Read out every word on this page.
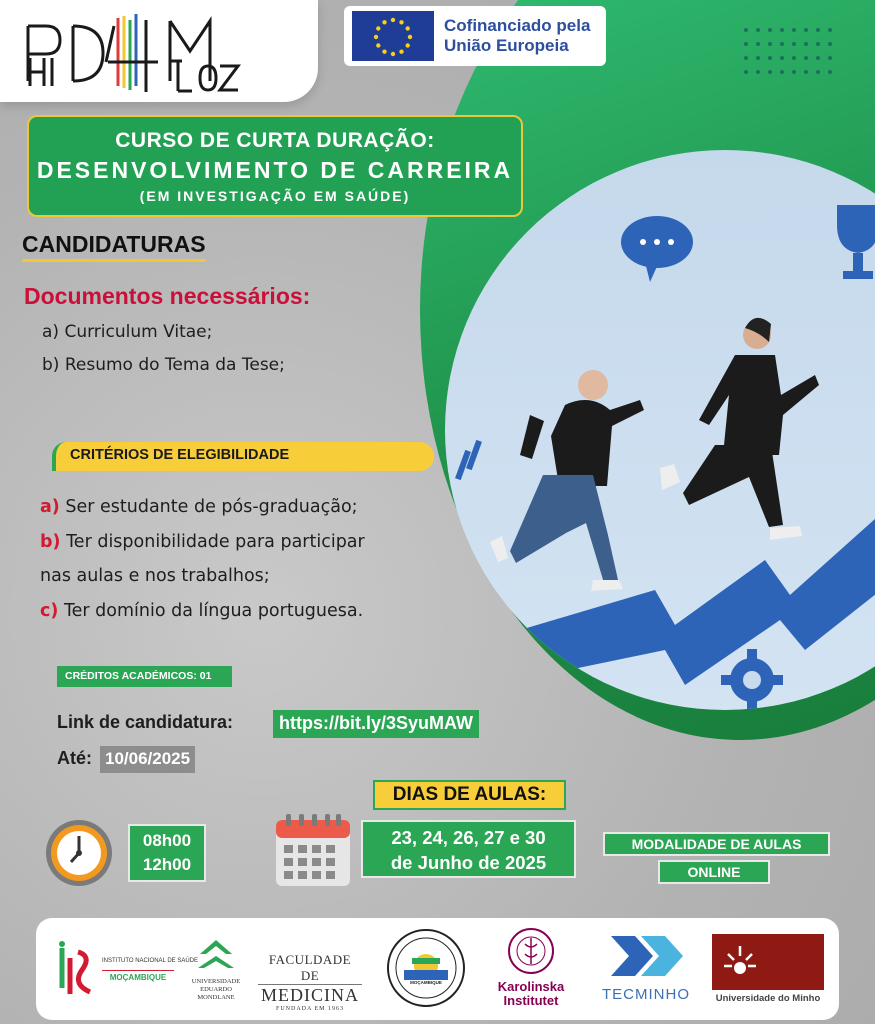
Cofinanciado pela
União Europeia
CURSO DE CURTA DURAÇÃO:
DESENVOLVIMENTO DE CARREIRA
(EM INVESTIGAÇÃO EM SAÚDE)
CANDIDATURAS
Documentos necessários:
a) Curriculum Vitae;
b) Resumo do Tema da Tese;
CRITÉRIOS DE ELEGIBILIDADE
a) Ser estudante de pós-graduação;
b) Ter disponibilidade para participar
nas aulas e nos trabalhos;
c) Ter domínio da língua portuguesa.
CRÉDITOS ACADÉMICOS: 01
Link de candidatura:	https://bit.ly/3SyuMAW
Até: 10/06/2025
08h00
12h00
DIAS DE AULAS:
23, 24, 26, 27 e 30
de Junho de 2025
MODALIDADE DE AULAS
ONLINE
INSTITUTO NACIONAL DE SAÚDE
MOÇAMBIQUE	UNIVERSIDADE
EDUARDO
MONDLANE
FACULDADE DE
MEDICINA
FUNDADA EM 1963
MOÇAMBIQUE	Karolinska
Institutet	TECMINHO	Universidade do Minho
